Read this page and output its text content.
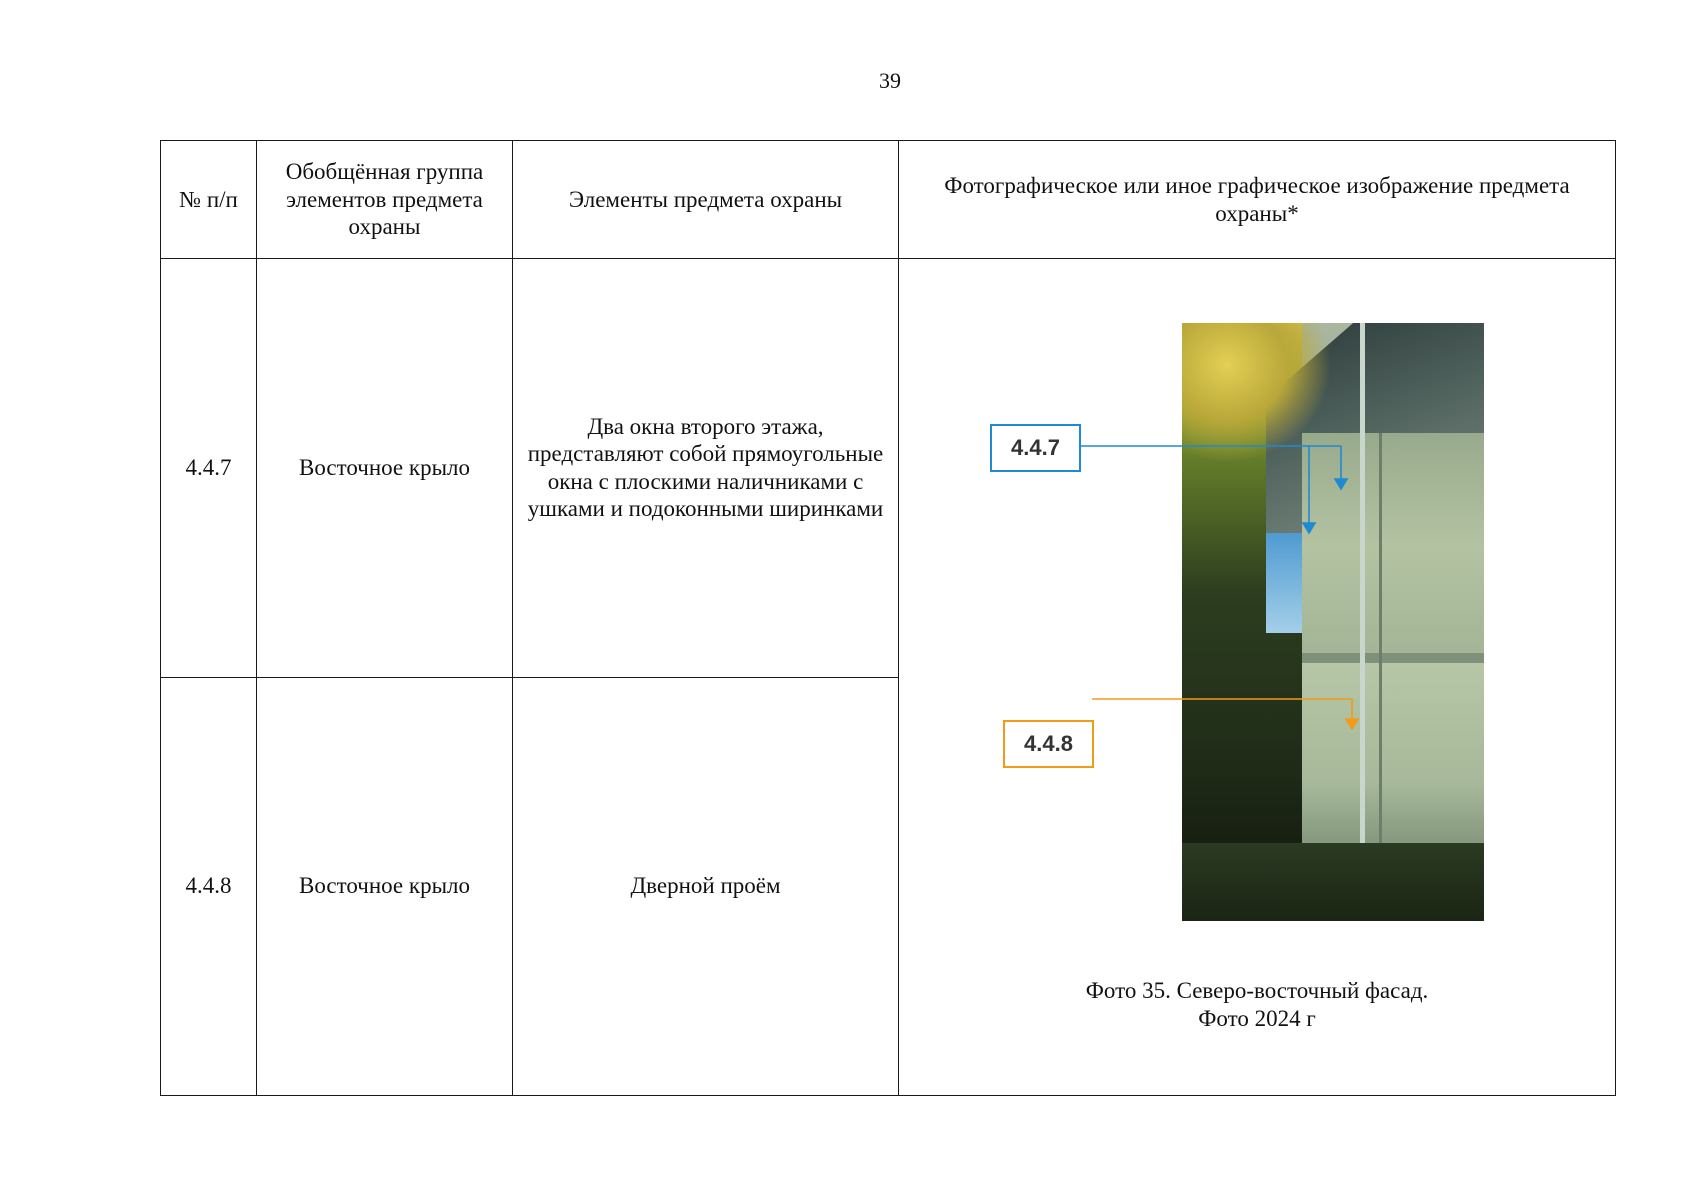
39
№ п/п	Обобщённая группа элементов предмета охраны	Элементы предмета охраны	Фотографическое или иное графическое изображение предмета охраны*

4.4.7	Восточное крыло	Два окна второго этажа, представляют собой прямоугольные окна с плоскими наличниками с ушками и подоконными ширинками	4.4.7
4.4.8
Фото 35. Северо-восточный фасад.
Фото 2024 г

4.4.8	Восточное крыло	Дверной проём	
